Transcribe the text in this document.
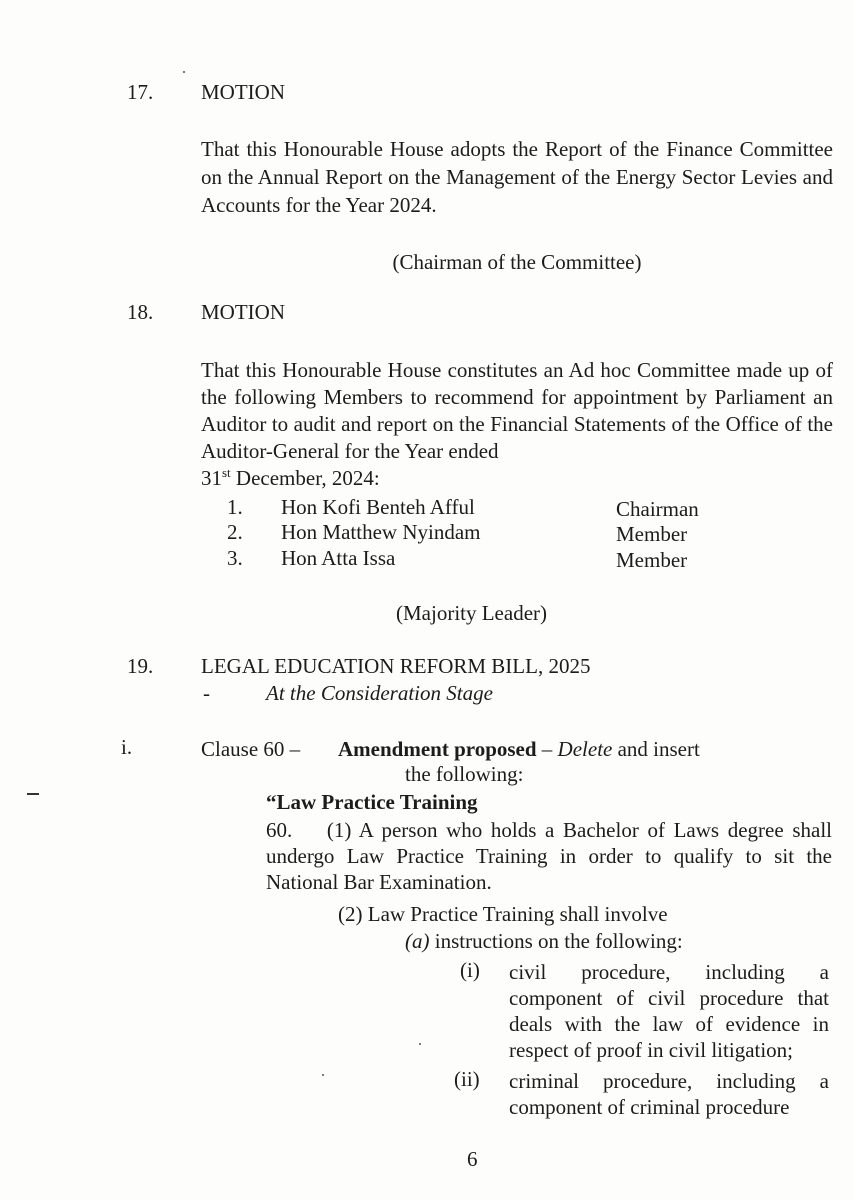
17. MOTION
That this Honourable House adopts the Report of the Finance Committee on the Annual Report on the Management of the Energy Sector Levies and Accounts for the Year 2024.
(Chairman of the Committee)
18. MOTION
That this Honourable House constitutes an Ad hoc Committee made up of the following Members to recommend for appointment by Parliament an Auditor to audit and report on the Financial Statements of the Office of the Auditor-General for the Year ended
31st December, 2024:
1. Hon Kofi Benteh Afful	Chairman
2. Hon Matthew Nyindam	Member
3. Hon Atta Issa	Member
(Majority Leader)
19. LEGAL EDUCATION REFORM BILL, 2025
-	At the Consideration Stage
i.	Clause 60 – Amendment proposed – Delete and insert
the following:
“Law Practice Training
60.    (1) A person who holds a Bachelor of Laws degree shall undergo Law Practice Training in order to qualify to sit the National Bar Examination.
(2) Law Practice Training shall involve
(a) instructions on the following:
(i) civil procedure, including a component of civil procedure that deals with the law of evidence in respect of proof in civil litigation;
(ii) criminal procedure, including a component of criminal procedure
6
